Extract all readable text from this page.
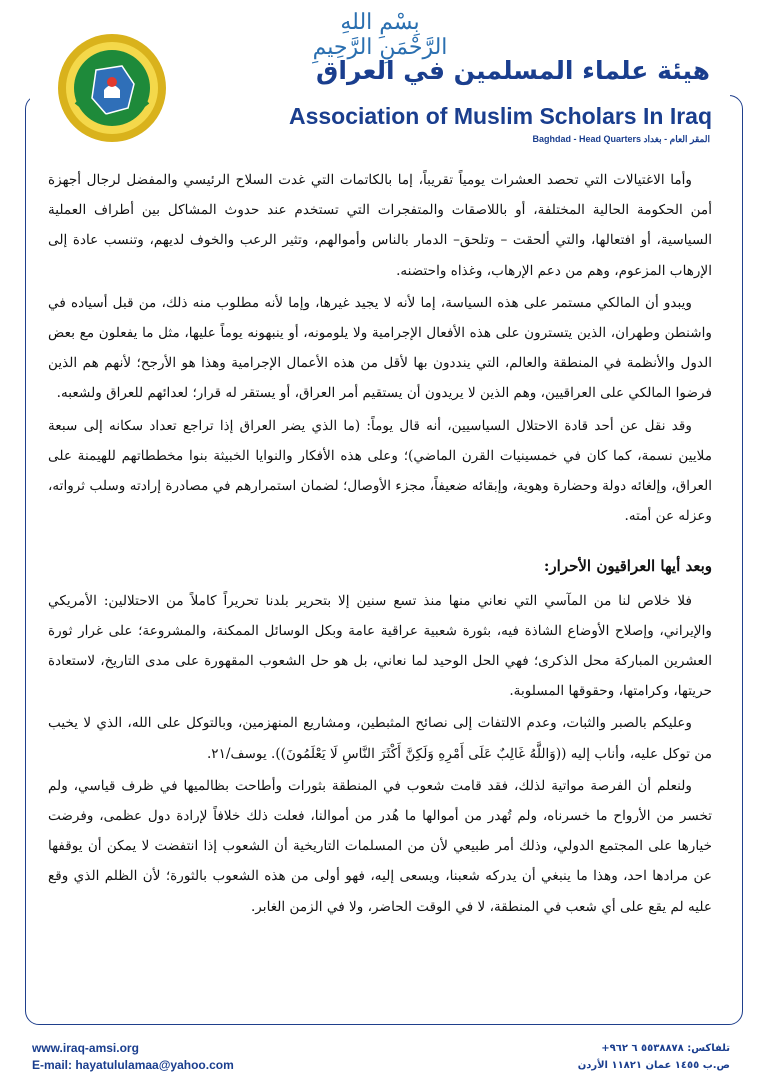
بِسْمِ اللهِ الرَّحْمَنِ الرَّحِيمِ
هيئة علماء المسلمين في العراق
Association of Muslim Scholars In Iraq
Baghdad - Head Quarters المقر العام - بغداد

وأما الاغتيالات التي تحصد العشرات يومياً تقريباً، إما بالكاتمات التي غدت السلاح الرئيسي والمفضل لرجال أجهزة أمن الحكومة الحالية المختلفة، أو باللاصقات والمتفجرات التي تستخدم عند حدوث المشاكل بين أطراف العملية السياسية، أو افتعالها، والتي ألحقت – وتلحق– الدمار بالناس وأموالهم، وتثير الرعب والخوف لديهم، وتنسب عادة إلى الإرهاب المزعوم، وهم من دعم الإرهاب، وغذاه واحتضنه.

ويبدو أن المالكي مستمر على هذه السياسة، إما لأنه لا يجيد غيرها، وإما لأنه مطلوب منه ذلك، من قبل أسياده في واشنطن وطهران، الذين يتسترون على هذه الأفعال الإجرامية ولا يلومونه، أو ينبهونه يوماً عليها، مثل ما يفعلون مع بعض الدول والأنظمة في المنطقة والعالم، التي ينددون بها لأقل من هذه الأعمال الإجرامية وهذا هو الأرجح؛ لأنهم هم الذين فرضوا المالكي على العراقيين، وهم الذين لا يريدون أن يستقيم أمر العراق، أو يستقر له قرار؛ لعدائهم للعراق ولشعبه.

وقد نقل عن أحد قادة الاحتلال السياسيين، أنه قال يوماً: (ما الذي يضر العراق إذا تراجع تعداد سكانه إلى سبعة ملايين نسمة، كما كان في خمسينيات القرن الماضي)؛ وعلى هذه الأفكار والنوايا الخبيثة بنوا مخططاتهم للهيمنة على العراق، وإلغائه دولة وحضارة وهوية، وإبقائه ضعيفاً، مجزء الأوصال؛ لضمان استمرارهم في مصادرة إرادته وسلب ثرواته، وعزله عن أمته.

وبعد أيها العراقيون الأحرار:

فلا خلاص لنا من المآسي التي نعاني منها منذ تسع سنين إلا بتحرير بلدنا تحريراً كاملاً من الاحتلالين: الأمريكي والإيراني، وإصلاح الأوضاع الشاذة فيه، بثورة شعبية عراقية عامة وبكل الوسائل الممكنة، والمشروعة؛ على غرار ثورة العشرين المباركة محل الذكرى؛ فهي الحل الوحيد لما نعاني، بل هو حل الشعوب المقهورة على مدى التاريخ، لاستعادة حريتها، وكرامتها، وحقوقها المسلوبة.

وعليكم بالصبر والثبات، وعدم الالتفات إلى نصائح المثبطين، ومشاريع المنهزمين، وبالتوكل على الله، الذي لا يخيب من توكل عليه، وأناب إليه ((وَاللَّهُ غَالِبٌ عَلَى أَمْرِهِ وَلَكِنَّ أَكْثَرَ النَّاسِ لَا يَعْلَمُونَ)). يوسف/٢١.

ولنعلم أن الفرصة مواتية لذلك، فقد قامت شعوب في المنطقة بثورات وأطاحت بظالميها في ظرف قياسي، ولم تخسر من الأرواح ما خسرناه، ولم تُهدر من أموالها ما هُدر من أموالنا، فعلت ذلك خلافاً لإرادة دول عظمى، وفرضت خيارها على المجتمع الدولي، وذلك أمر طبيعي لأن من المسلمات التاريخية أن الشعوب إذا انتفضت لا يمكن أن يوقفها عن مرادها احد، وهذا ما ينبغي أن يدركه شعبنا، ويسعى إليه، فهو أولى من هذه الشعوب بالثورة؛ لأن الظلم الذي وقع عليه لم يقع على أي شعب في المنطقة، لا في الوقت الحاضر، ولا في الزمن الغابر.

www.iraq-amsi.org
E-mail: hayatululamaa@yahoo.com
تلفاكس: ٥٥٣٨٨٧٨ ٦ ٩٦٢+
ص.ب ١٤٥٥ عمان ١١٨٢١ الأردن
